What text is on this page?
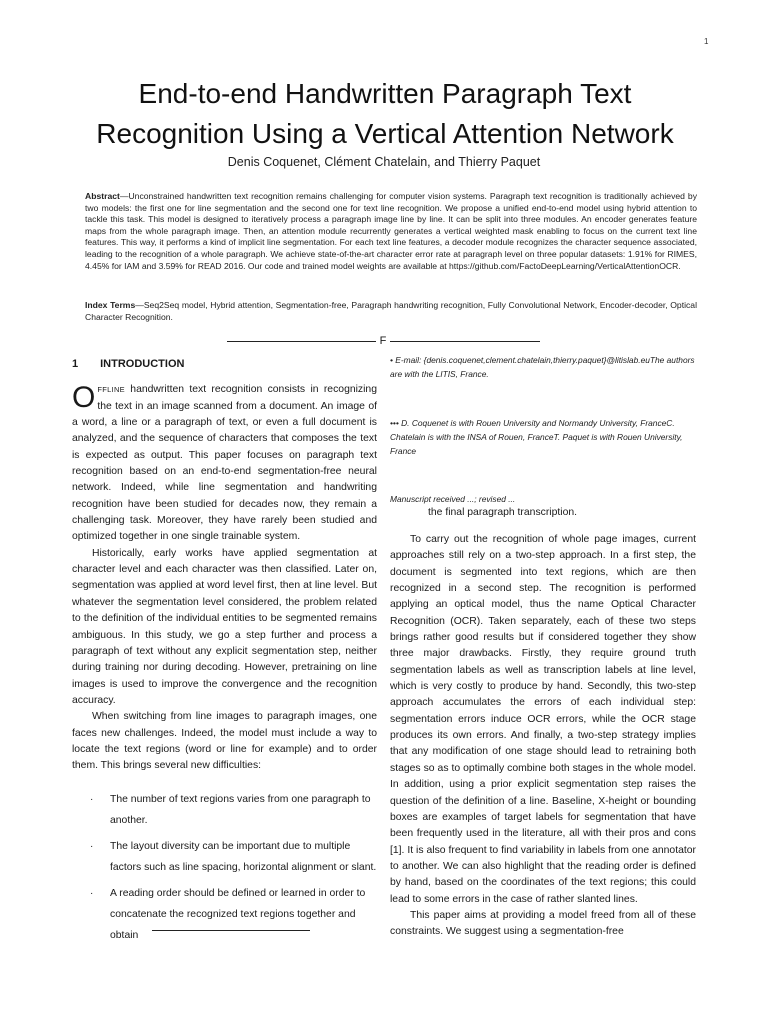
1
End-to-end Handwritten Paragraph Text
Recognition Using a Vertical Attention Network
Denis Coquenet, Clément Chatelain, and Thierry Paquet

Abstract—Unconstrained handwritten text recognition remains challenging for computer vision systems. Paragraph text recognition is traditionally achieved by two models: the first one for line segmentation and the second one for text line recognition. We propose a unified end-to-end model using hybrid attention to tackle this task. This model is designed to iteratively process a paragraph image line by line. It can be split into three modules. An encoder generates feature maps from the whole paragraph image. Then, an attention module recurrently generates a vertical weighted mask enabling to focus on the current text line features. This way, it performs a kind of implicit line segmentation. For each text line features, a decoder module recognizes the character sequence associated, leading to the recognition of a whole paragraph. We achieve state-of-the-art character error rate at paragraph level on three popular datasets: 1.91% for RIMES, 4.45% for IAM and 3.59% for READ 2016. Our code and trained model weights are available at https://github.com/FactoDeepLearning/VerticalAttentionOCR.

Index Terms—Seq2Seq model, Hybrid attention, Segmentation-free, Paragraph handwriting recognition, Fully Convolutional Network, Encoder-decoder, Optical Character Recognition.

F
1 INTRODUCTION

OFFLINE handwritten text recognition consists in recognizing the text in an image scanned from a document. An image of a word, a line or a paragraph of text, or even a full document is analyzed, and the sequence of characters that composes the text is expected as output. This paper focuses on paragraph text recognition based on an end-to-end segmentation-free neural network. Indeed, while line segmentation and handwriting recognition have been studied for decades now, they remain a challenging task. Moreover, they have rarely been studied and optimized together in one single trainable system.

Historically, early works have applied segmentation at character level and each character was then classified. Later on, segmentation was applied at word level first, then at line level. But whatever the segmentation level considered, the problem related to the definition of the individual entities to be segmented remains ambiguous. In this study, we go a step further and process a paragraph of text without any explicit segmentation step, neither during training nor during decoding. However, pretraining on line images is used to improve the convergence and the recognition accuracy.

When switching from line images to paragraph images, one faces new challenges. Indeed, the model must include a way to locate the text regions (word or line for example) and to order them. This brings several new difficulties:

· The number of text regions varies from one paragraph to another.
· The layout diversity can be important due to multiple factors such as line spacing, horizontal alignment or slant.
· A reading order should be defined or learned in order to concatenate the recognized text regions together and obtain

• E-mail: {denis.coquenet,clement.chatelain,thierry.paquet}@litislab.euThe authors are with the LITIS, France.

••• D. Coquenet is with Rouen University and Normandy University, FranceC. Chatelain is with the INSA of Rouen, FranceT. Paquet is with Rouen University, France

Manuscript received ...; revised ...

the final paragraph transcription.

To carry out the recognition of whole page images, current approaches still rely on a two-step approach. In a first step, the document is segmented into text regions, which are then recognized in a second step. The recognition is performed applying an optical model, thus the name Optical Character Recognition (OCR). Taken separately, each of these two steps brings rather good results but if considered together they show three major drawbacks. Firstly, they require ground truth segmentation labels as well as transcription labels at line level, which is very costly to produce by hand. Secondly, this two-step approach accumulates the errors of each individual step: segmentation errors induce OCR errors, while the OCR stage produces its own errors. And finally, a two-step strategy implies that any modification of one stage should lead to retraining both stages so as to optimally combine both stages in the whole model. In addition, using a prior explicit segmentation step raises the question of the definition of a line. Baseline, X-height or bounding boxes are examples of target labels for segmentation that have been frequently used in the literature, all with their pros and cons [1]. It is also frequent to find variability in labels from one annotator to another. We can also highlight that the reading order is defined by hand, based on the coordinates of the text regions; this could lead to some errors in the case of rather slanted lines.

This paper aims at providing a model freed from all of these constraints. We suggest using a segmentation-free
